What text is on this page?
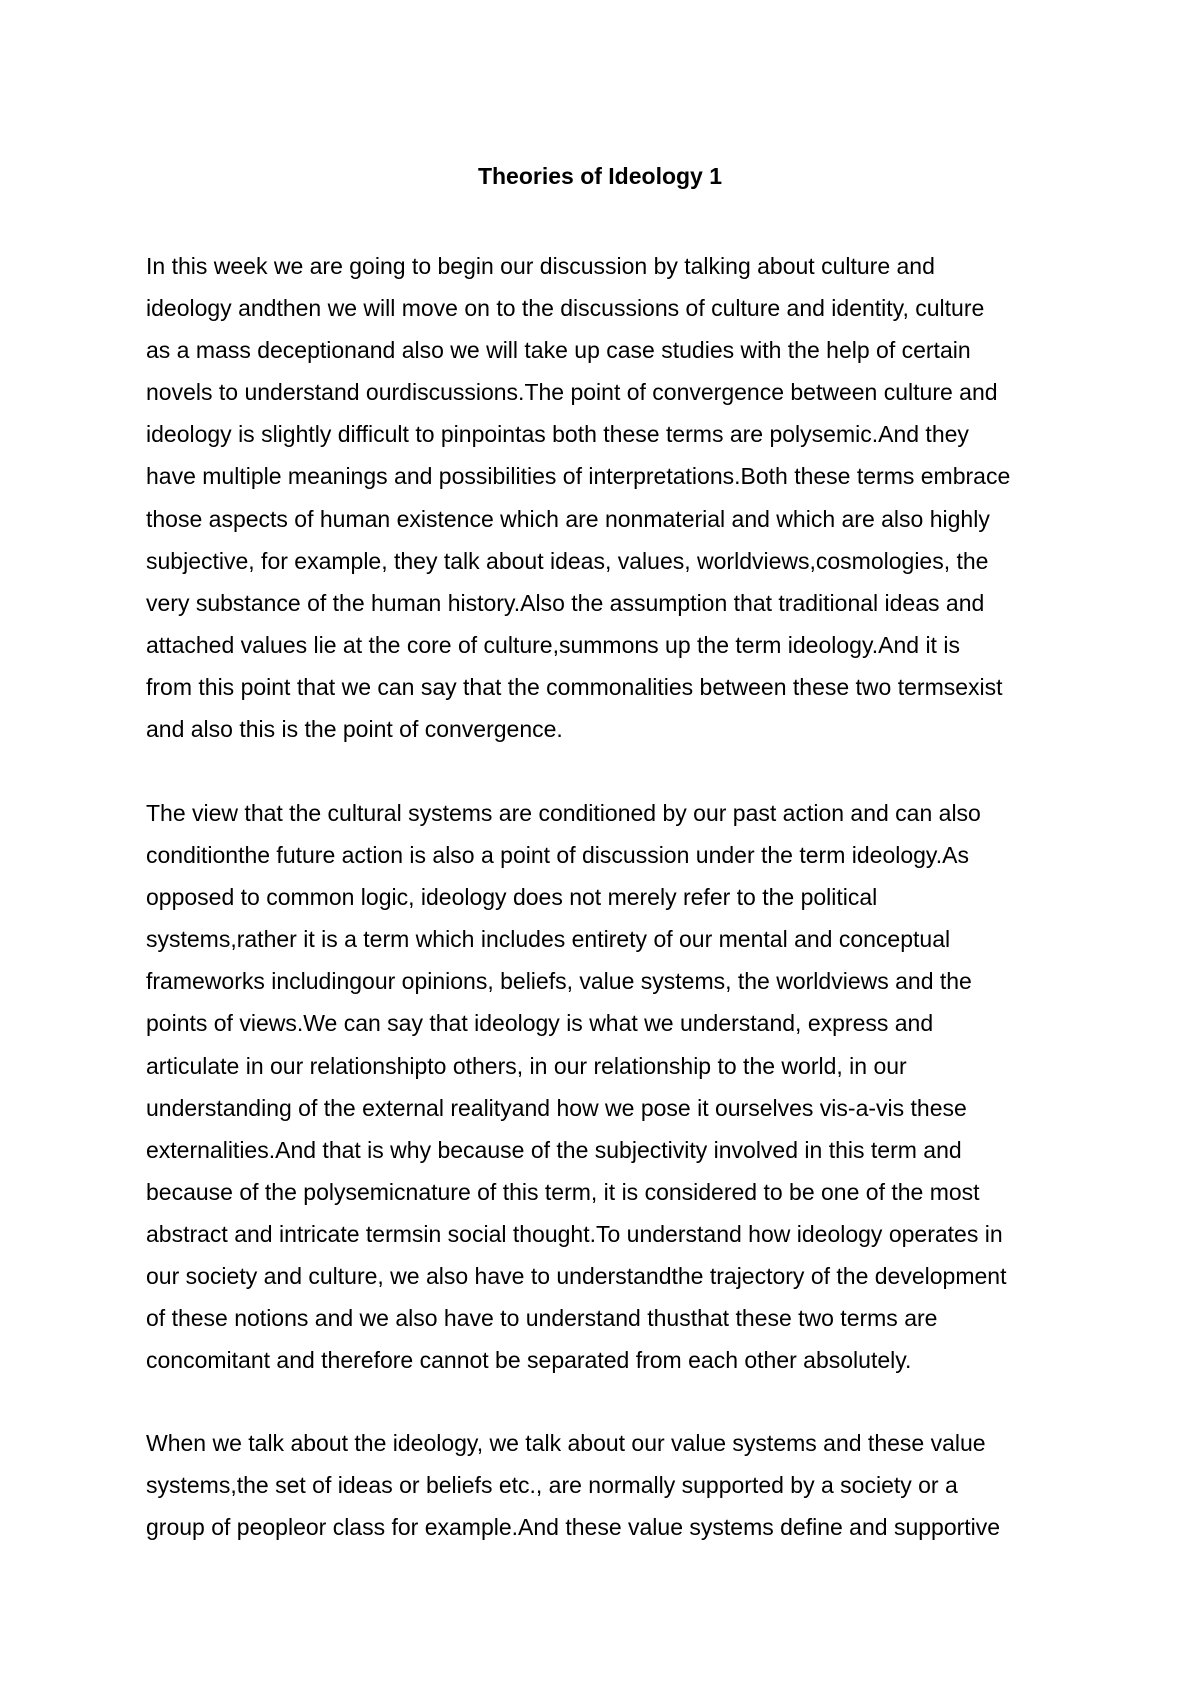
Theories of Ideology 1
In this week we are going to begin our discussion by talking about culture and
ideology andthen we will move on to the discussions of culture and identity, culture
as a mass deceptionand also we will take up case studies with the help of certain
novels to understand ourdiscussions.The point of convergence between culture and
ideology is slightly difficult to pinpointas both these terms are polysemic.And they
have multiple meanings and possibilities of interpretations.Both these terms embrace
those aspects of human existence which are nonmaterial and which are also highly
subjective, for example, they talk about ideas, values, worldviews,cosmologies, the
very substance of the human history.Also the assumption that traditional ideas and
attached values lie at the core of culture,summons up the term ideology.And it is
from this point that we can say that the commonalities between these two termsexist
and also this is the point of convergence.
The view that the cultural systems are conditioned by our past action and can also
conditionthe future action is also a point of discussion under the term ideology.As
opposed to common logic, ideology does not merely refer to the political
systems,rather it is a term which includes entirety of our mental and conceptual
frameworks includingour opinions, beliefs, value systems, the worldviews and the
points of views.We can say that ideology is what we understand, express and
articulate in our relationshipto others, in our relationship to the world, in our
understanding of the external realityand how we pose it ourselves vis-a-vis these
externalities.And that is why because of the subjectivity involved in this term and
because of the polysemicnature of this term, it is considered to be one of the most
abstract and intricate termsin social thought.To understand how ideology operates in
our society and culture, we also have to understandthe trajectory of the development
of these notions and we also have to understand thusthat these two terms are
concomitant and therefore cannot be separated from each other absolutely.
When we talk about the ideology, we talk about our value systems and these value
systems,the set of ideas or beliefs etc., are normally supported by a society or a
group of peopleor class for example.And these value systems define and supportive
